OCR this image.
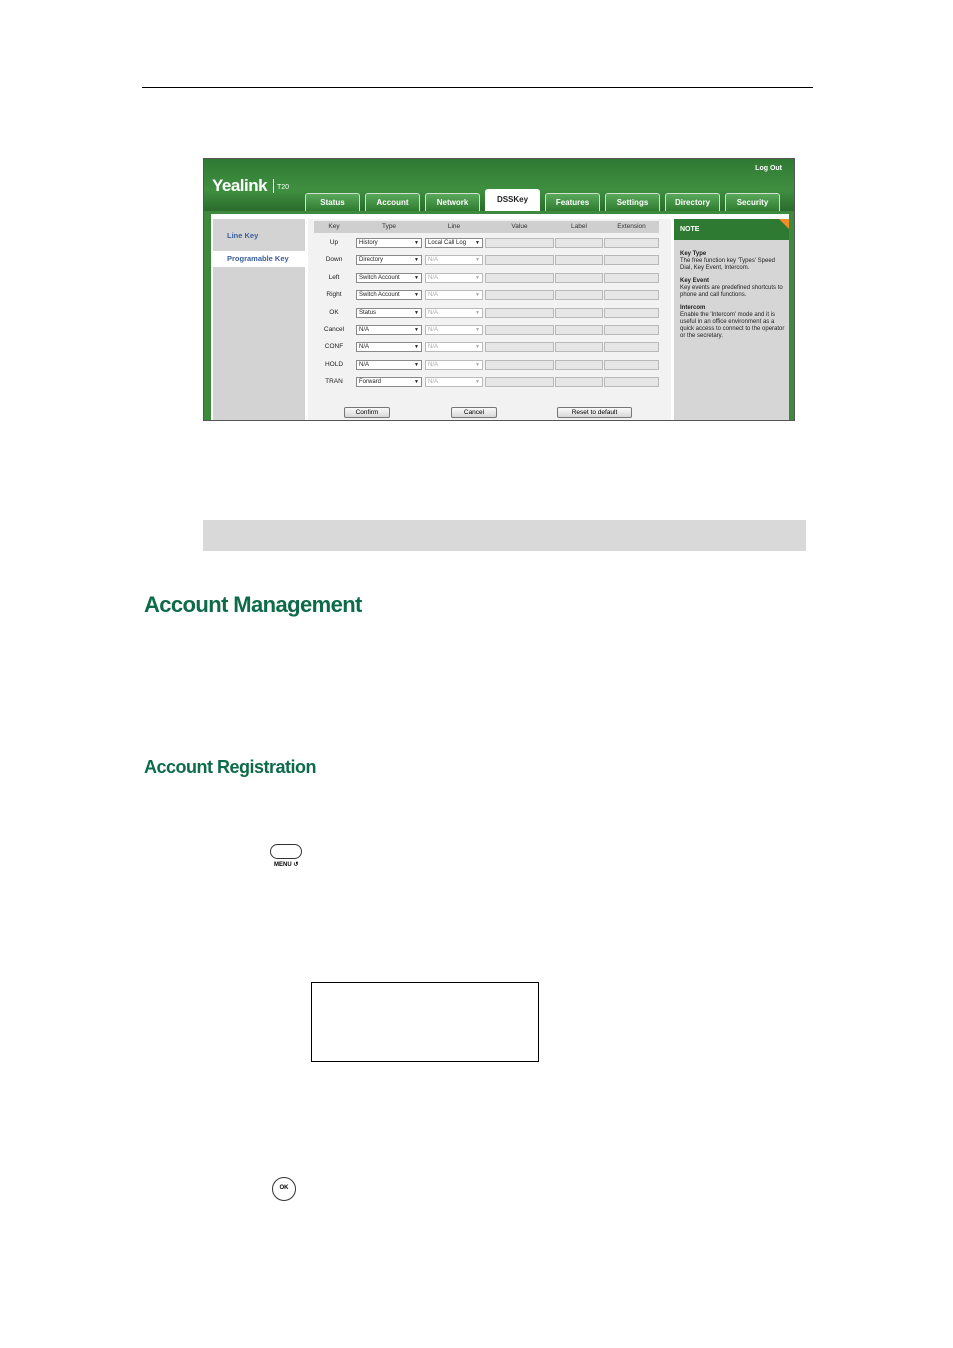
Yealink	T20
Log Out
Status	Account	Network	DSSKey	Features	Settings	Directory	Security
Line Key
Programable Key
Key	Type	Line	Value	Label	Extension
Confirm	Cancel	Reset to default
Up	History	▼	Local Call Log ▼
Down	Directory	▼	N/A	▼
Left	Switch Account	▼	N/A	▼
Right	Switch Account	▼	N/A	▼
OK	Status	▼	N/A	▼
Cancel	N/A	▼	N/A	▼
CONF	N/A	▼	N/A	▼
HOLD	N/A	▼	N/A	▼
TRAN	Forward	▼	N/A	▼
NOTE

Key Type
The free function key 'Types' Speed Dial, Key Event, Intercom.

Key Event
Key events are predefined shortcuts to phone and call functions.

Intercom
Enable the 'Intercom' mode and it is useful in an office environment as a quick access to connect to the operator or the secretary.

Account Management
Account Registration
MENU ↺
OK
